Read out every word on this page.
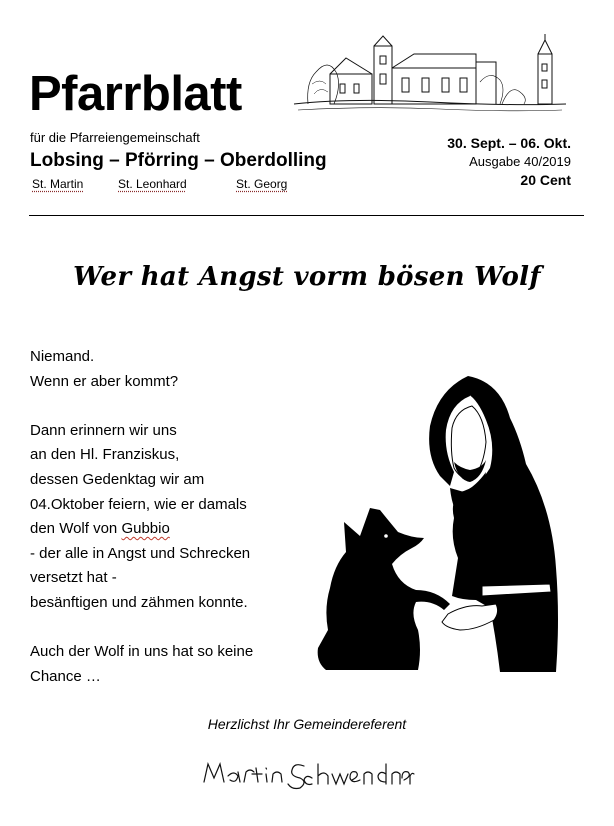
Pfarrblatt
für die Pfarreiengemeinschaft
Lobsing – Pförring – Oberdolling
St. Martin	St. Leonhard	St. Georg
30. Sept. – 06. Okt.
Ausgabe 40/2019
20 Cent
Wer hat Angst vorm bösen Wolf
Niemand.
Wenn er aber kommt?
Dann erinnern wir uns
an den Hl. Franziskus,
dessen Gedenktag wir am
04.Oktober feiern, wie er damals
den Wolf von Gubbio
- der alle in Angst und Schrecken
versetzt hat -
besänftigen und zähmen konnte.
Auch der Wolf in uns hat so keine
Chance …
Herzlichst Ihr Gemeindereferent
